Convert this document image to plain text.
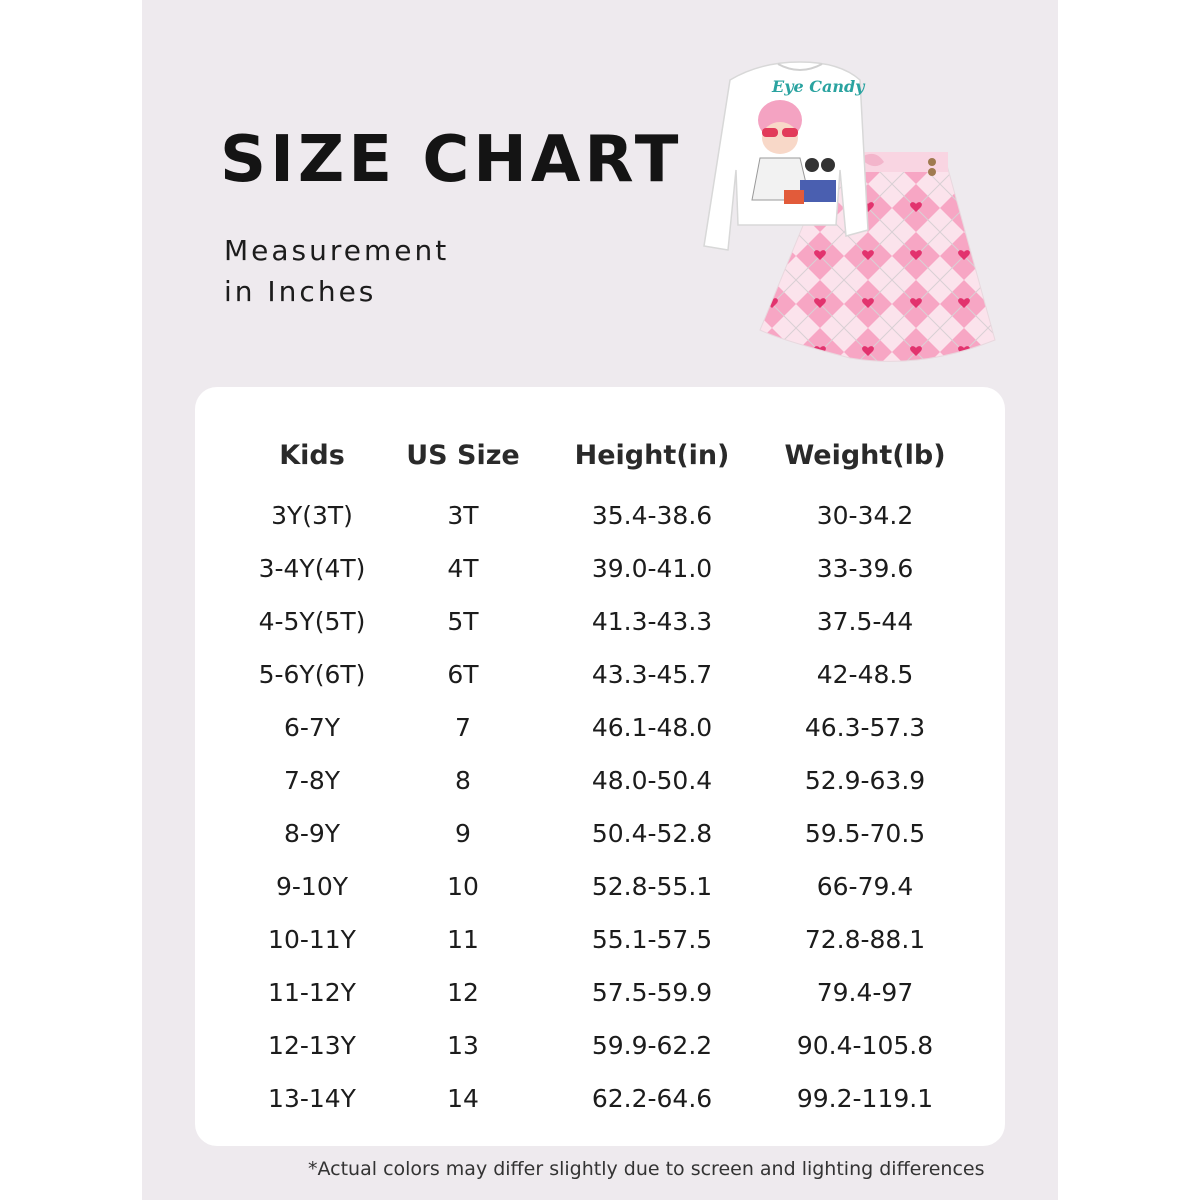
SIZE CHART
Measurement
in Inches
Eye Candy
Kids US Size Height(in) Weight(lb)
3Y(3T)	3T	35.4-38.6	30-34.2
3-4Y(4T)	4T	39.0-41.0	33-39.6
4-5Y(5T)	5T	41.3-43.3	37.5-44
5-6Y(6T)	6T	43.3-45.7	42-48.5
6-7Y	7	46.1-48.0	46.3-57.3
7-8Y	8	48.0-50.4	52.9-63.9
8-9Y	9	50.4-52.8	59.5-70.5
9-10Y	10	52.8-55.1	66-79.4
10-11Y	11	55.1-57.5	72.8-88.1
11-12Y	12	57.5-59.9	79.4-97
12-13Y	13	59.9-62.2	90.4-105.8
13-14Y	14	62.2-64.6	99.2-119.1
*Actual colors may differ slightly due to screen and lighting differences
